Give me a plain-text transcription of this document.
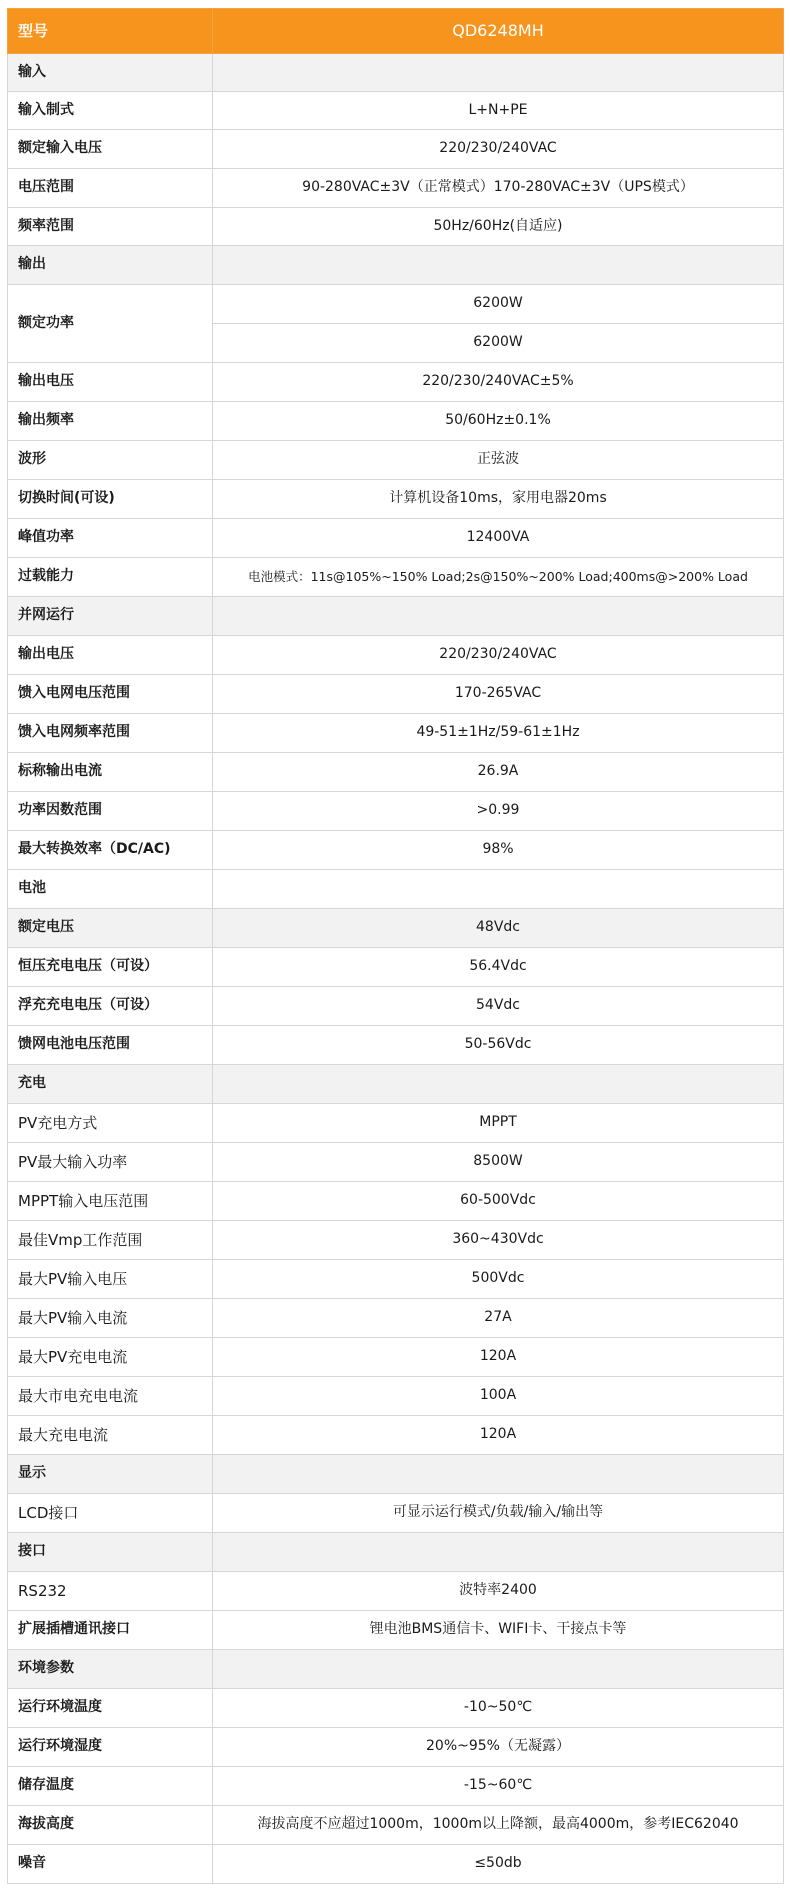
型号	QD6248MH
输入	
输入制式	L+N+PE
额定输入电压	220/230/240VAC
电压范围	90-280VAC±3V（正常模式）170-280VAC±3V（UPS模式）
频率范围	50Hz/60Hz(自适应)
输出	
额定功率	6200W
	6200W
输出电压	220/230/240VAC±5%
输出频率	50/60Hz±0.1%
波形	正弦波
切换时间(可设)	计算机设备10ms，家用电器20ms
峰值功率	12400VA
过载能力	电池模式：11s@105%~150% Load;2s@150%~200% Load;400ms@>200% Load
并网运行	
输出电压	220/230/240VAC
馈入电网电压范围	170-265VAC
馈入电网频率范围	49-51±1Hz/59-61±1Hz
标称输出电流	26.9A
功率因数范围	>0.99
最大转换效率（DC/AC)	98%
电池	
额定电压	48Vdc
恒压充电电压（可设）	56.4Vdc
浮充充电电压（可设）	54Vdc
馈网电池电压范围	50-56Vdc
充电	
PV充电方式	MPPT
PV最大输入功率	8500W
MPPT输入电压范围	60-500Vdc
最佳Vmp工作范围	360~430Vdc
最大PV输入电压	500Vdc
最大PV输入电流	27A
最大PV充电电流	120A
最大市电充电电流	100A
最大充电电流	120A
显示	
LCD接口	可显示运行模式/负载/输入/输出等
接口	
RS232	波特率2400
扩展插槽通讯接口	锂电池BMS通信卡、WIFI卡、干接点卡等
环境参数	
运行环境温度	-10~50℃
运行环境湿度	20%~95%（无凝露）
储存温度	-15~60℃
海拔高度	海拔高度不应超过1000m，1000m以上降额，最高4000m，参考IEC62040
噪音	≤50db
